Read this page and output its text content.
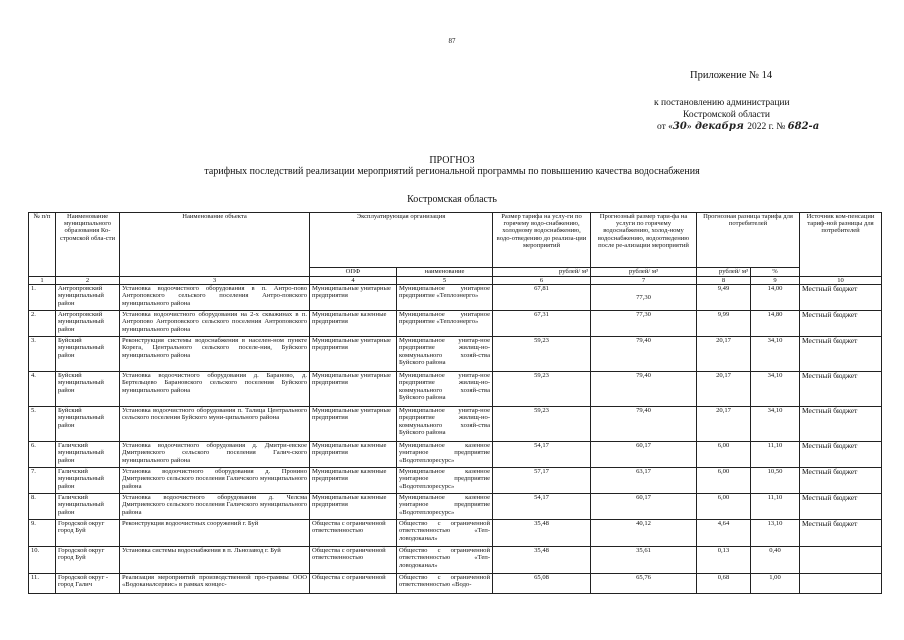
87
Приложение № 14
к постановлению администрации
Костромской области
от «30» декабря 2022 г. № 682-а
ПРОГНОЗ
тарифных последствий реализации мероприятий региональной программы по повышению качества водоснабжения
Костромская область
№ п/п	Наименование муниципального образования Ко-стромской обла-сти	Наименование объекта	Эксплуатирующая организация		Размер тарифа на услу-ги по горячему водо-снабжению, холодному водоснабжению, водо-отведению до реализа-ции мероприятий	Прогнозный размер тари-фа на услуги по горячему водоснабжению, холод-ному водоснабжению, водоотведению после ре-ализации мероприятий	Прогнозная разница тарифа для потребителей		Источник ком-пенсации тариф-ной разницы для потребителей
			ОПФ	наименование	рублей/ м³	рублей/ м³	рублей/ м³	%	
1	2	3	4	5	6	7	8	9	10
1.	Антропровский муниципальный район	Установка водоочистного оборудования в п. Антро-пово Антроповского сельского поселения Антро-повского муниципального района	Муниципальные унитарные предприятия	Муниципальное унитарное предприятие «Теплоэнерго»	67,81	77,30	9,49	14,00	Местный бюджет
2.	Антропровский муниципальный район	Установка водоочистного оборудования на 2-х скважинах в п. Антропово Антроповского сельского поселения Антроповского муниципального района	Муниципальные казенные предприятия	Муниципальное унитарное предприятие «Теплоэнерго»	67,31	77,30	9,99	14,80	Местный бюджет
3.	Буйский муниципальный район	Реконструкция системы водоснабжения в населен-ном пункте Корега, Центрального сельского поселе-ния, Буйского муниципального района	Муниципальные унитарные предприятия	Муниципальное унитар-ное предприятие жилищ-но-коммунального хозяй-ства Буйского района	59,23	79,40	20,17	34,10	Местный бюджет
4.	Буйский муниципальный район	Установка водоочистного оборудования д. Бараново, д. Бертельцево Барановского сельского поселения Буйского муниципального района	Муниципальные унитарные предприятия	Муниципальное унитар-ное предприятие жилищ-но-коммунального хозяй-ства Буйского района	59,23	79,40	20,17	34,10	Местный бюджет
5.	Буйский муниципальный район	Установка водоочистного оборудования п. Талица Центрального сельского поселения Буйского муни-ципального района	Муниципальные унитарные предприятия	Муниципальное унитар-ное предприятие жилищ-но-коммунального хозяй-ства Буйского района	59,23	79,40	20,17	34,10	Местный бюджет
6.	Галичский муниципальный район	Установка водоочистного оборудования д. Дмитри-евское Дмитриевского сельского поселения Галич-ского муниципального района	Муниципальные казенные предприятия	Муниципальное казенное унитарное предприятие «Водотеплоресурс»	54,17	60,17	6,00	11,10	Местный бюджет
7.	Галичский муниципальный район	Установка водоочистного оборудования д. Пронино Дмитриевского сельского поселения Галичского муниципального района	Муниципальные казенные предприятия	Муниципальное казенное унитарное предприятие «Водотеплоресурс»	57,17	63,17	6,00	10,50	Местный бюджет
8.	Галичский муниципальный район	Установка водоочистного оборудования д. Челсма Дмитриевского сельского поселения Галичского муниципального района	Муниципальные казенные предприятия	Муниципальное казенное унитарное предприятие «Водотеплоресурс»	54,17	60,17	6,00	11,10	Местный бюджет
9.	Городской округ город Буй	Реконструкция водоочистных сооружений г. Буй	Общества с ограниченной ответственностью	Общество с ограниченной ответственностью «Теп-ловодоканал»	35,48	40,12	4,64	13,10	Местный бюджет
10.	Городской округ город Буй	Установка системы водоснабжения в п. Льнозавод г. Буй	Общества с ограниченной ответственностью	Общество с ограниченной ответственностью «Теп-ловодоканал»	35,48	35,61	0,13	0,40	
11.	Городской округ - город Галич	Реализация мероприятий производственной про-граммы ООО «Водоканалсервис» в рамках концес-	Общества с ограниченной	Общество с ограниченной ответственностью «Водо-	65,08	65,76	0,68	1,00	
